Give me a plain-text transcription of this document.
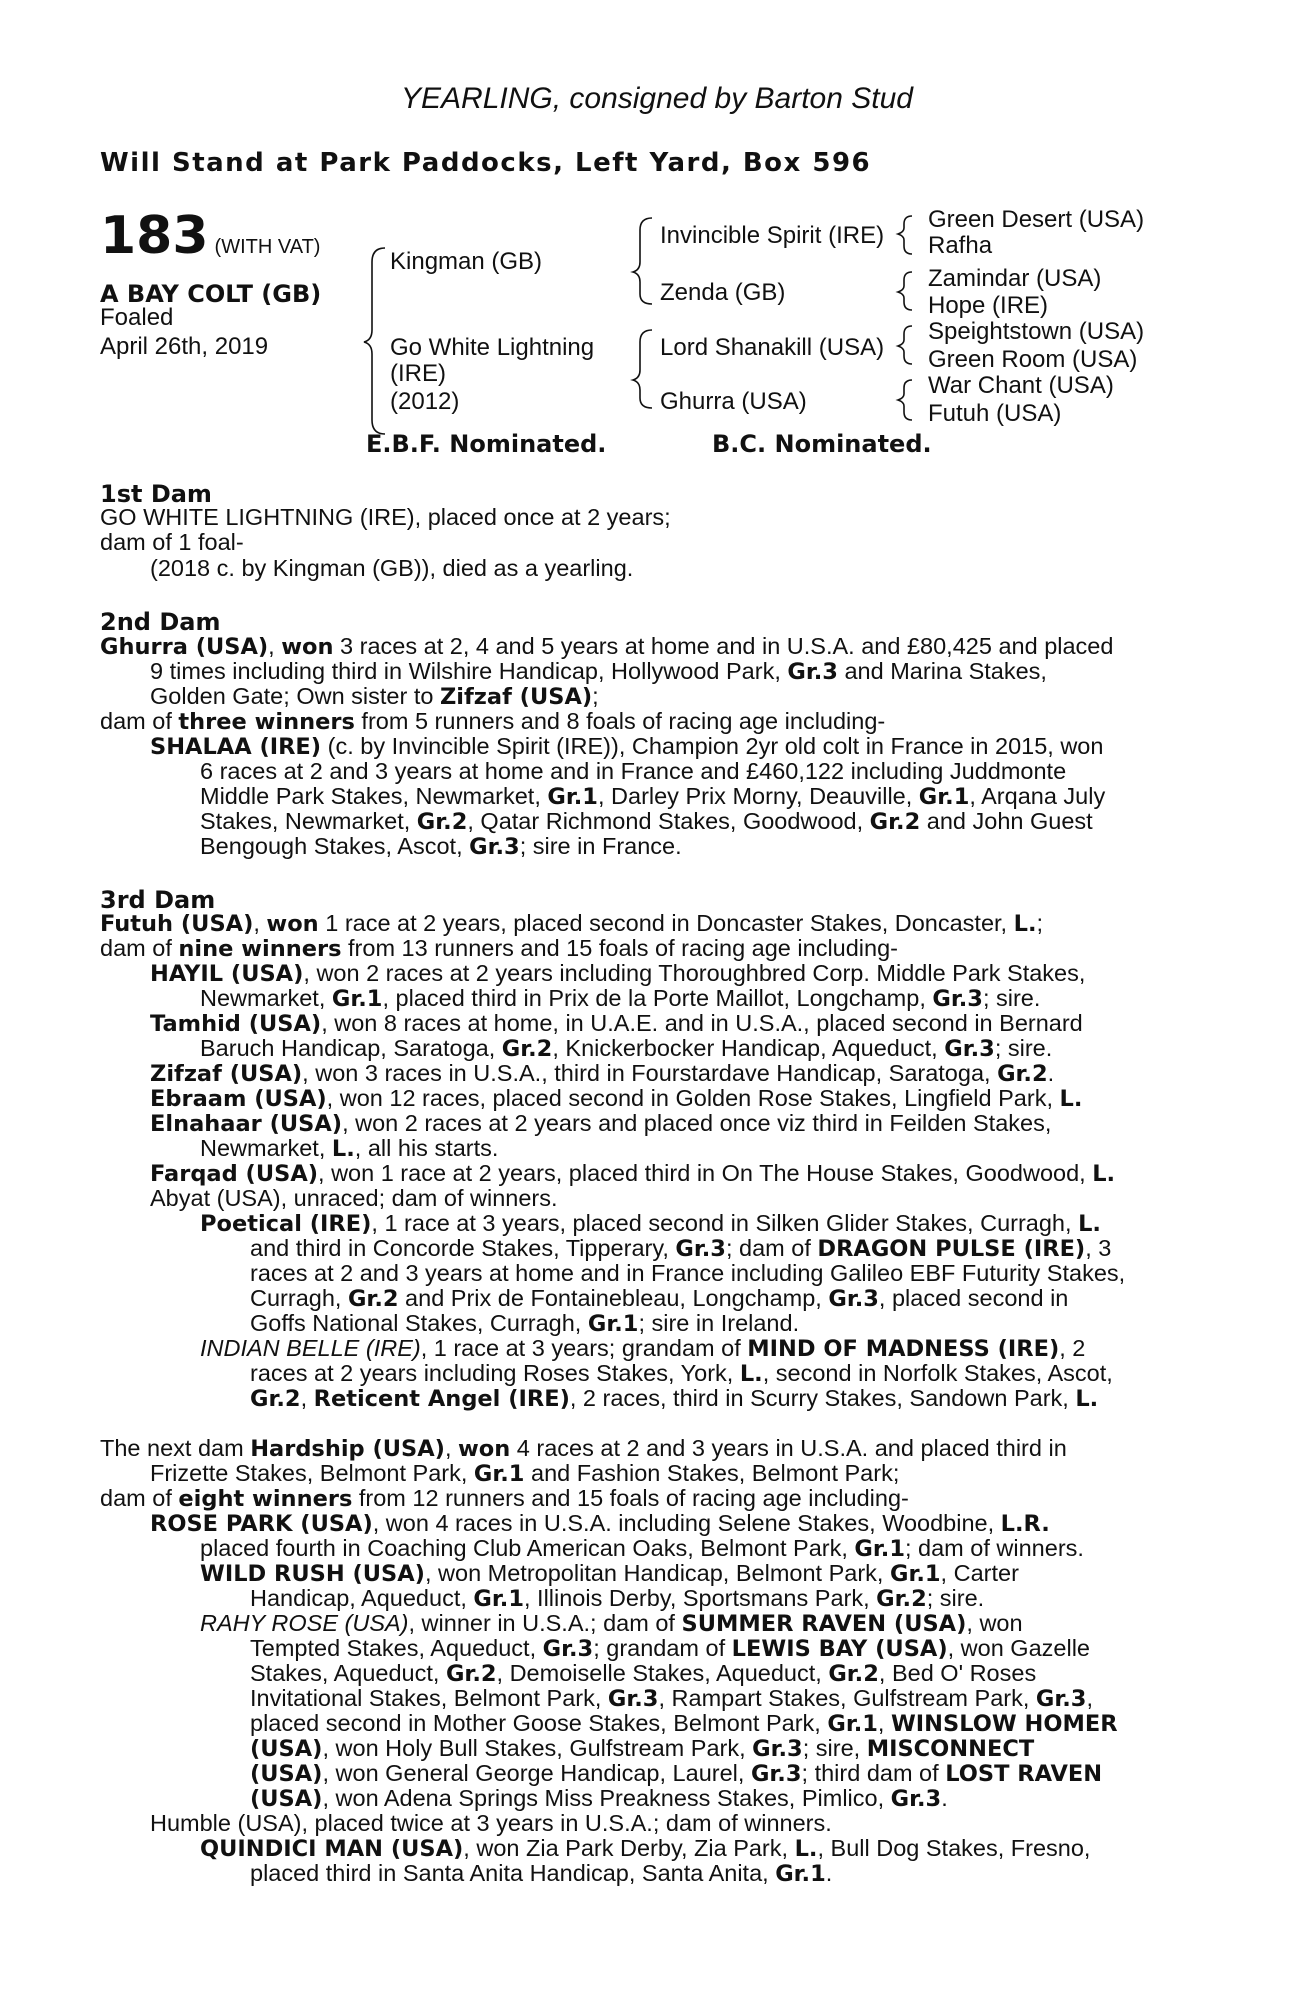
YEARLING, consigned by Barton Stud
Will Stand at Park Paddocks, Left Yard, Box 596
183 (WITH VAT)
A BAY COLT (GB)
Foaled
April 26th, 2019
Kingman (GB)
Go White Lightning
(IRE)
(2012)
Invincible Spirit (IRE)
Zenda (GB)
Lord Shanakill (USA)
Ghurra (USA)
Green Desert (USA)
Rafha
Zamindar (USA)
Hope (IRE)
Speightstown (USA)
Green Room (USA)
War Chant (USA)
Futuh (USA)
E.B.F. Nominated.	B.C. Nominated.
1st Dam
GO WHITE LIGHTNING (IRE), placed once at 2 years;
dam of 1 foal-
(2018 c. by Kingman (GB)), died as a yearling.
2nd Dam
Ghurra (USA), won 3 races at 2, 4 and 5 years at home and in U.S.A. and £80,425 and placed
9 times including third in Wilshire Handicap, Hollywood Park, Gr.3 and Marina Stakes,
Golden Gate; Own sister to Zifzaf (USA);
dam of three winners from 5 runners and 8 foals of racing age including-
SHALAA (IRE) (c. by Invincible Spirit (IRE)), Champion 2yr old colt in France in 2015, won
6 races at 2 and 3 years at home and in France and £460,122 including Juddmonte
Middle Park Stakes, Newmarket, Gr.1, Darley Prix Morny, Deauville, Gr.1, Arqana July
Stakes, Newmarket, Gr.2, Qatar Richmond Stakes, Goodwood, Gr.2 and John Guest
Bengough Stakes, Ascot, Gr.3; sire in France.
3rd Dam
Futuh (USA), won 1 race at 2 years, placed second in Doncaster Stakes, Doncaster, L.;
dam of nine winners from 13 runners and 15 foals of racing age including-
HAYIL (USA), won 2 races at 2 years including Thoroughbred Corp. Middle Park Stakes,
Newmarket, Gr.1, placed third in Prix de la Porte Maillot, Longchamp, Gr.3; sire.
Tamhid (USA), won 8 races at home, in U.A.E. and in U.S.A., placed second in Bernard
Baruch Handicap, Saratoga, Gr.2, Knickerbocker Handicap, Aqueduct, Gr.3; sire.
Zifzaf (USA), won 3 races in U.S.A., third in Fourstardave Handicap, Saratoga, Gr.2.
Ebraam (USA), won 12 races, placed second in Golden Rose Stakes, Lingfield Park, L.
Elnahaar (USA), won 2 races at 2 years and placed once viz third in Feilden Stakes,
Newmarket, L., all his starts.
Farqad (USA), won 1 race at 2 years, placed third in On The House Stakes, Goodwood, L.
Abyat (USA), unraced; dam of winners.
Poetical (IRE), 1 race at 3 years, placed second in Silken Glider Stakes, Curragh, L.
and third in Concorde Stakes, Tipperary, Gr.3; dam of DRAGON PULSE (IRE), 3
races at 2 and 3 years at home and in France including Galileo EBF Futurity Stakes,
Curragh, Gr.2 and Prix de Fontainebleau, Longchamp, Gr.3, placed second in
Goffs National Stakes, Curragh, Gr.1; sire in Ireland.
INDIAN BELLE (IRE), 1 race at 3 years; grandam of MIND OF MADNESS (IRE), 2
races at 2 years including Roses Stakes, York, L., second in Norfolk Stakes, Ascot,
Gr.2, Reticent Angel (IRE), 2 races, third in Scurry Stakes, Sandown Park, L.
The next dam Hardship (USA), won 4 races at 2 and 3 years in U.S.A. and placed third in
Frizette Stakes, Belmont Park, Gr.1 and Fashion Stakes, Belmont Park;
dam of eight winners from 12 runners and 15 foals of racing age including-
ROSE PARK (USA), won 4 races in U.S.A. including Selene Stakes, Woodbine, L.R.
placed fourth in Coaching Club American Oaks, Belmont Park, Gr.1; dam of winners.
WILD RUSH (USA), won Metropolitan Handicap, Belmont Park, Gr.1, Carter
Handicap, Aqueduct, Gr.1, Illinois Derby, Sportsmans Park, Gr.2; sire.
RAHY ROSE (USA), winner in U.S.A.; dam of SUMMER RAVEN (USA), won
Tempted Stakes, Aqueduct, Gr.3; grandam of LEWIS BAY (USA), won Gazelle
Stakes, Aqueduct, Gr.2, Demoiselle Stakes, Aqueduct, Gr.2, Bed O' Roses
Invitational Stakes, Belmont Park, Gr.3, Rampart Stakes, Gulfstream Park, Gr.3,
placed second in Mother Goose Stakes, Belmont Park, Gr.1, WINSLOW HOMER
(USA), won Holy Bull Stakes, Gulfstream Park, Gr.3; sire, MISCONNECT
(USA), won General George Handicap, Laurel, Gr.3; third dam of LOST RAVEN
(USA), won Adena Springs Miss Preakness Stakes, Pimlico, Gr.3.
Humble (USA), placed twice at 3 years in U.S.A.; dam of winners.
QUINDICI MAN (USA), won Zia Park Derby, Zia Park, L., Bull Dog Stakes, Fresno,
placed third in Santa Anita Handicap, Santa Anita, Gr.1.
